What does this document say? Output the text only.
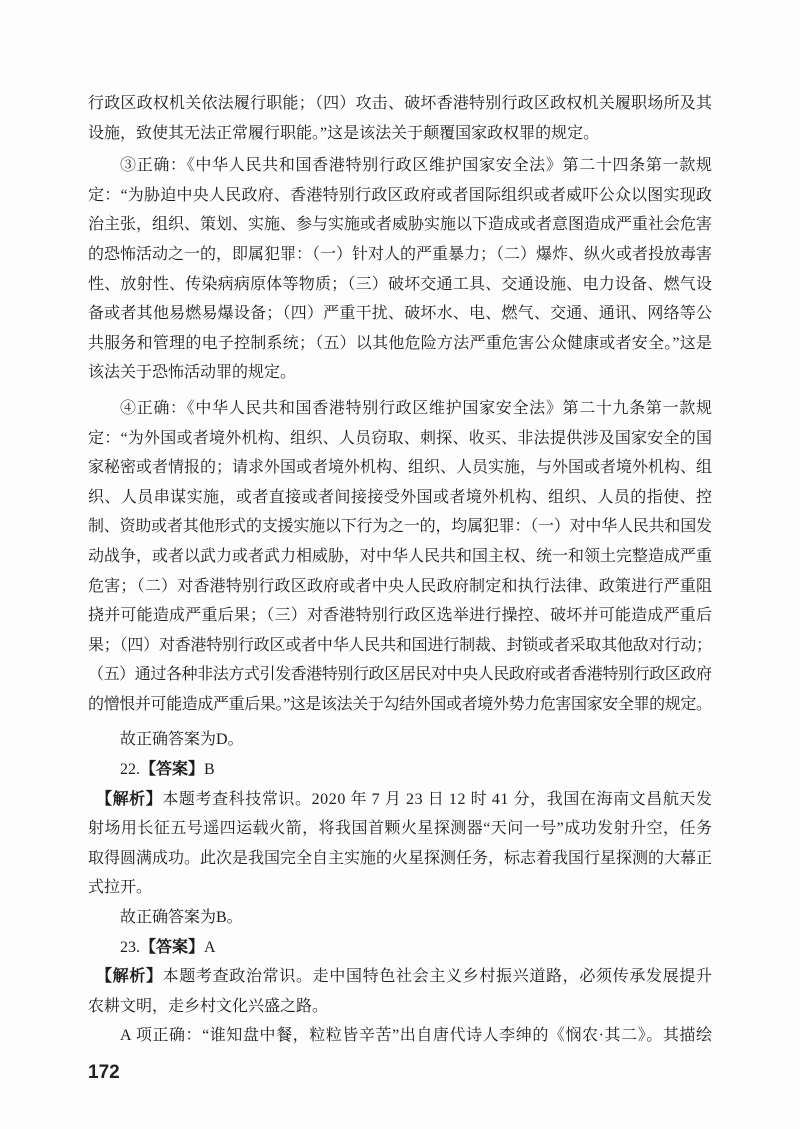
行政区政权机关依法履行职能；（四）攻击、破坏香港特别行政区政权机关履职场所及其
设施，致使其无法正常履行职能。”这是该法关于颠覆国家政权罪的规定。
③正确：《中华人民共和国香港特别行政区维护国家安全法》第二十四条第一款规
定：“为胁迫中央人民政府、香港特别行政区政府或者国际组织或者威吓公众以图实现政
治主张，组织、策划、实施、参与实施或者威胁实施以下造成或者意图造成严重社会危害
的恐怖活动之一的，即属犯罪：（一）针对人的严重暴力；（二）爆炸、纵火或者投放毒害
性、放射性、传染病病原体等物质；（三）破坏交通工具、交通设施、电力设备、燃气设
备或者其他易燃易爆设备；（四）严重干扰、破坏水、电、燃气、交通、通讯、网络等公
共服务和管理的电子控制系统；（五）以其他危险方法严重危害公众健康或者安全。”这是
该法关于恐怖活动罪的规定。
④正确：《中华人民共和国香港特别行政区维护国家安全法》第二十九条第一款规
定：“为外国或者境外机构、组织、人员窃取、刺探、收买、非法提供涉及国家安全的国
家秘密或者情报的；请求外国或者境外机构、组织、人员实施，与外国或者境外机构、组
织、人员串谋实施，或者直接或者间接接受外国或者境外机构、组织、人员的指使、控
制、资助或者其他形式的支援实施以下行为之一的，均属犯罪：（一）对中华人民共和国发
动战争，或者以武力或者武力相威胁，对中华人民共和国主权、统一和领土完整造成严重
危害；（二）对香港特别行政区政府或者中央人民政府制定和执行法律、政策进行严重阻
挠并可能造成严重后果；（三）对香港特别行政区选举进行操控、破坏并可能造成严重后
果；（四）对香港特别行政区或者中华人民共和国进行制裁、封锁或者采取其他敌对行动；
（五）通过各种非法方式引发香港特别行政区居民对中央人民政府或者香港特别行政区政府
的憎恨并可能造成严重后果。”这是该法关于勾结外国或者境外势力危害国家安全罪的规定。
故正确答案为D。
22.【答案】B
【解析】本题考查科技常识。2020 年 7 月 23 日 12 时 41 分，我国在海南文昌航天发
射场用长征五号遥四运载火箭，将我国首颗火星探测器“天问一号”成功发射升空，任务
取得圆满成功。此次是我国完全自主实施的火星探测任务，标志着我国行星探测的大幕正
式拉开。
故正确答案为B。
23.【答案】A
【解析】本题考查政治常识。走中国特色社会主义乡村振兴道路，必须传承发展提升
农耕文明，走乡村文化兴盛之路。
A 项正确：“谁知盘中餐，粒粒皆辛苦”出自唐代诗人李绅的《悯农·其二》。其描绘
172
